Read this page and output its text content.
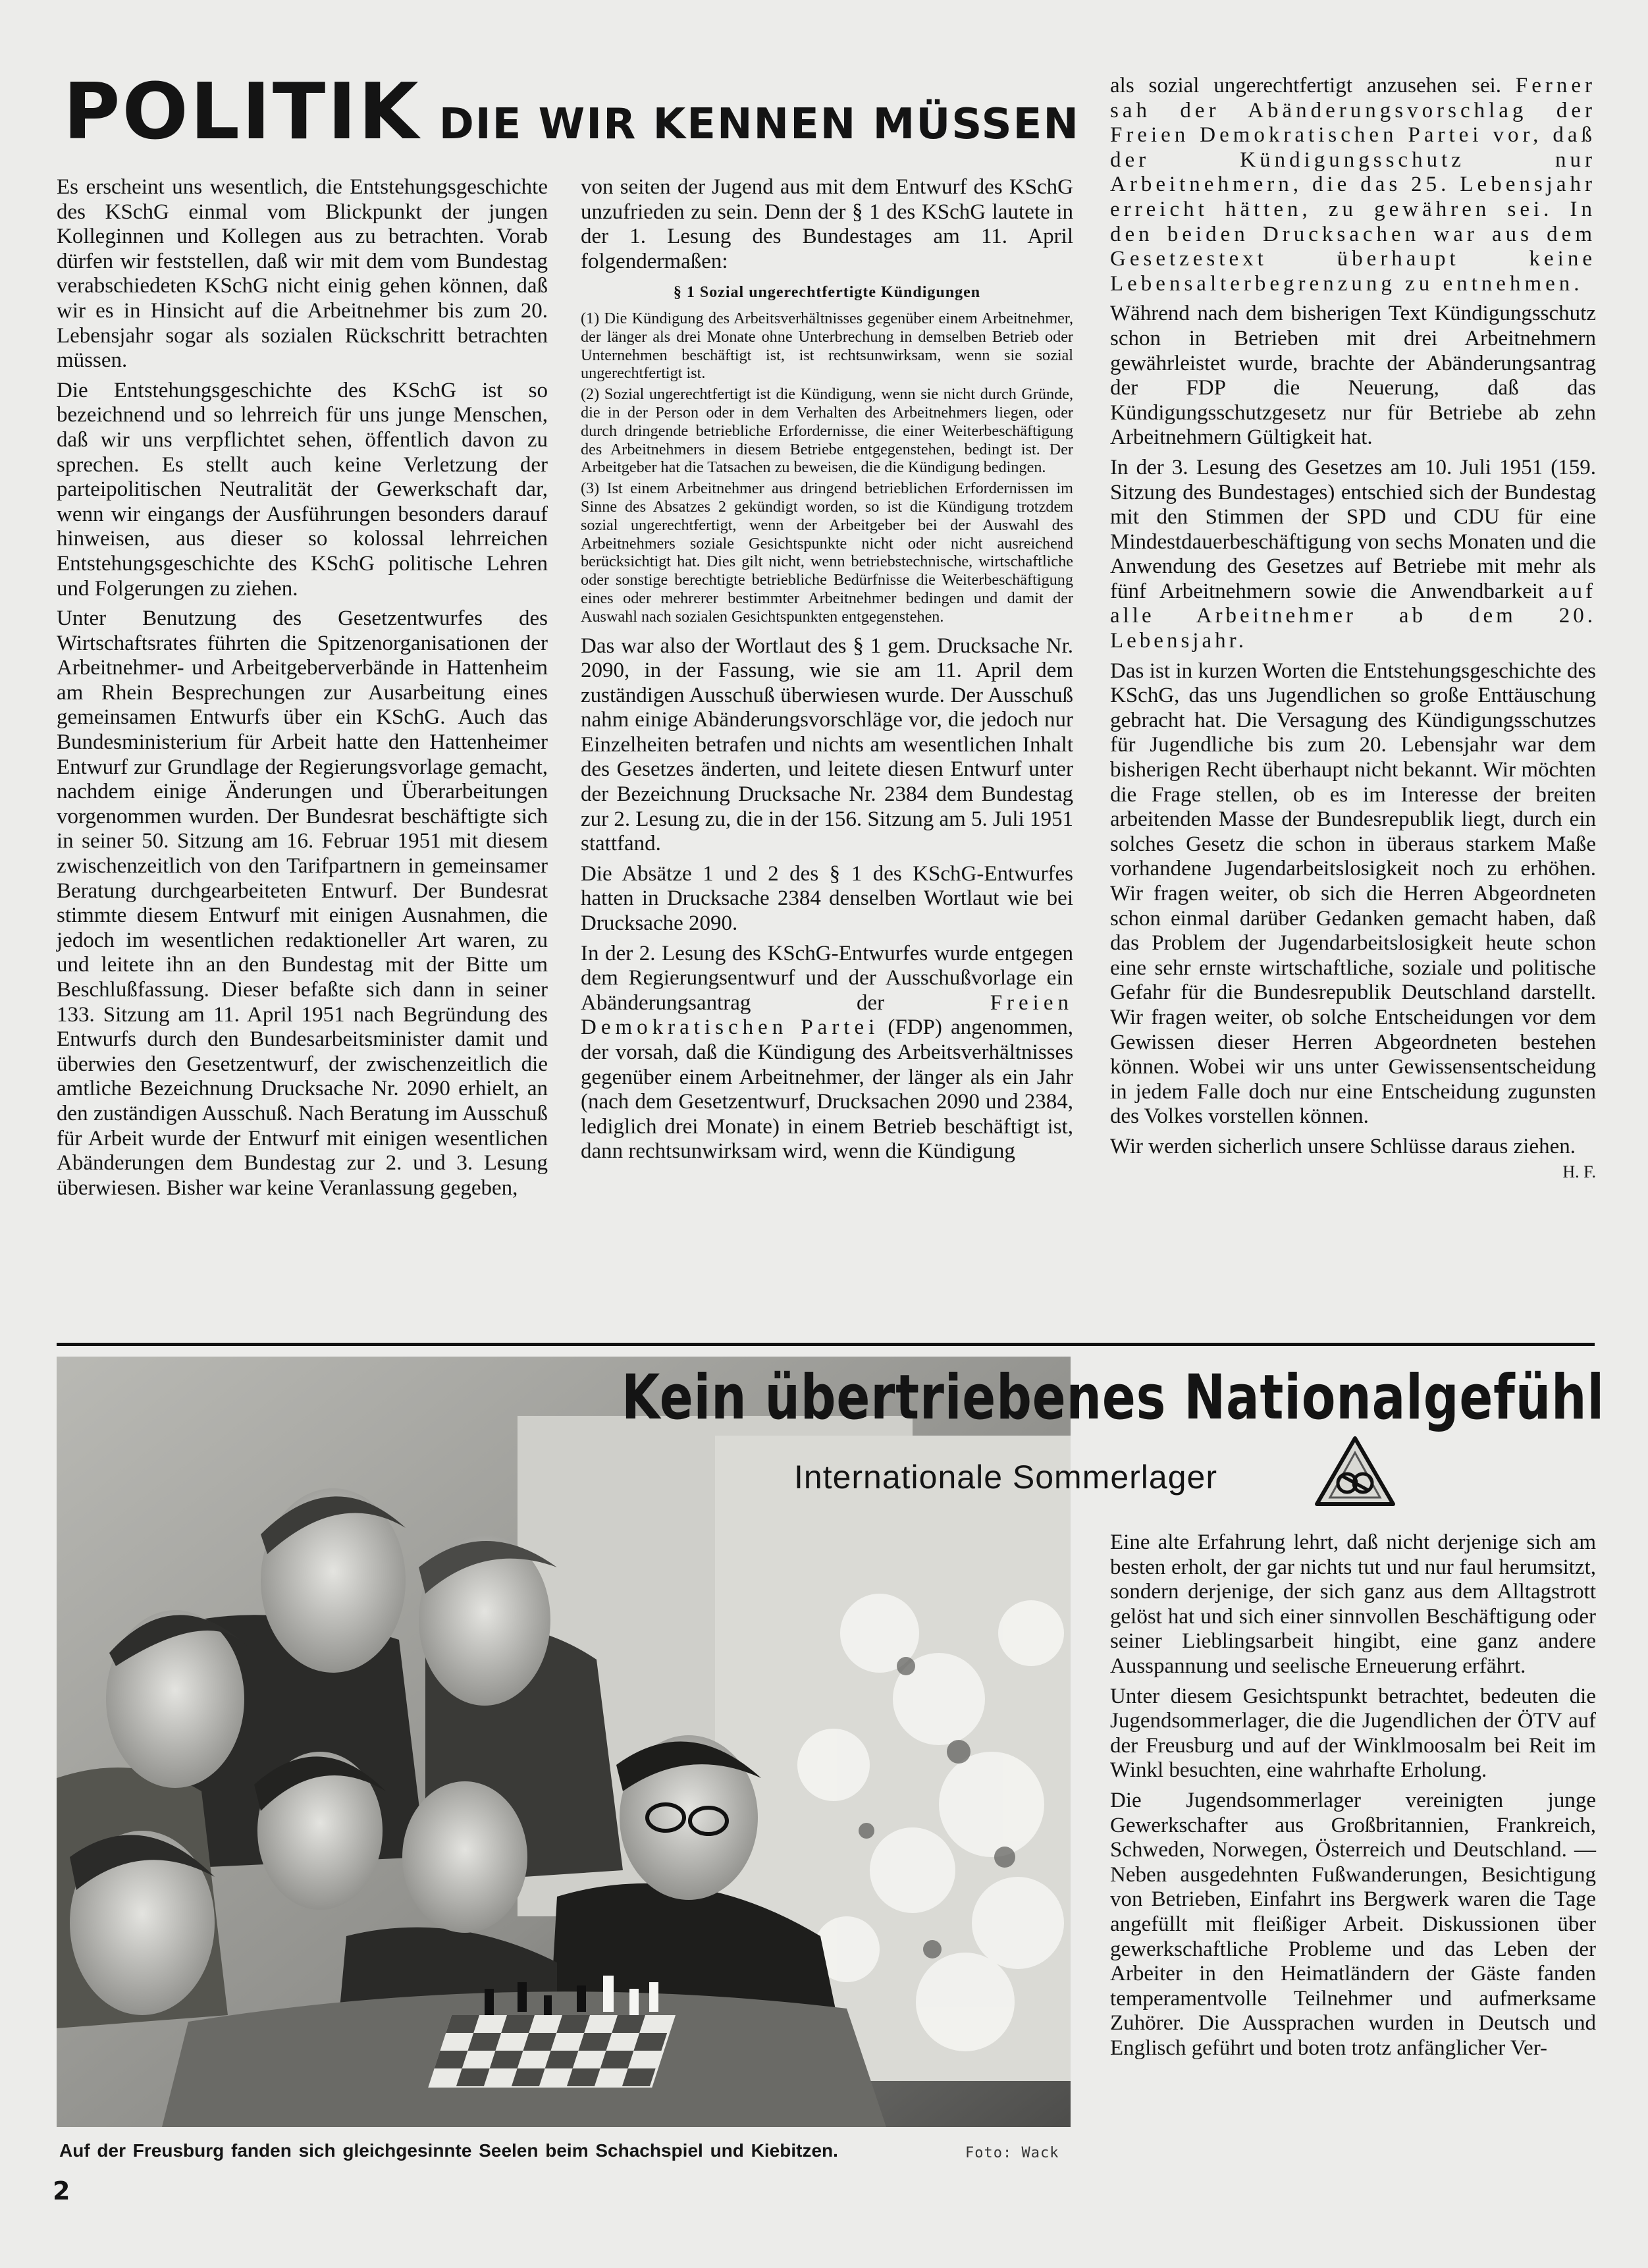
POLITIK DIE WIR KENNEN MÜSSEN

Es erscheint uns wesentlich, die Entstehungsgeschichte des KSchG einmal vom Blickpunkt der jungen Kolleginnen und Kollegen aus zu betrachten. Vorab dürfen wir feststellen, daß wir mit dem vom Bundestag verabschiedeten KSchG nicht einig gehen können, daß wir es in Hinsicht auf die Arbeitnehmer bis zum 20. Lebensjahr sogar als sozialen Rückschritt betrachten müssen.

Die Entstehungsgeschichte des KSchG ist so bezeichnend und so lehrreich für uns junge Menschen, daß wir uns verpflichtet sehen, öffentlich davon zu sprechen. Es stellt auch keine Verletzung der parteipolitischen Neutralität der Gewerkschaft dar, wenn wir eingangs der Ausführungen besonders darauf hinweisen, aus dieser so kolossal lehrreichen Entstehungsgeschichte des KSchG politische Lehren und Folgerungen zu ziehen.

Unter Benutzung des Gesetzentwurfes des Wirtschaftsrates führten die Spitzenorganisationen der Arbeitnehmer- und Arbeitgeberverbände in Hattenheim am Rhein Besprechungen zur Ausarbeitung eines gemeinsamen Entwurfs über ein KSchG. Auch das Bundesministerium für Arbeit hatte den Hattenheimer Entwurf zur Grundlage der Regierungsvorlage gemacht, nachdem einige Änderungen und Überarbeitungen vorgenommen wurden. Der Bundesrat beschäftigte sich in seiner 50. Sitzung am 16. Februar 1951 mit diesem zwischenzeitlich von den Tarifpartnern in gemeinsamer Beratung durchgearbeiteten Entwurf. Der Bundesrat stimmte diesem Entwurf mit einigen Ausnahmen, die jedoch im wesentlichen redaktioneller Art waren, zu und leitete ihn an den Bundestag mit der Bitte um Beschlußfassung. Dieser befaßte sich dann in seiner 133. Sitzung am 11. April 1951 nach Begründung des Entwurfs durch den Bundesarbeitsminister damit und überwies den Gesetzentwurf, der zwischenzeitlich die amtliche Bezeichnung Drucksache Nr. 2090 erhielt, an den zuständigen Ausschuß. Nach Beratung im Ausschuß für Arbeit wurde der Entwurf mit einigen wesentlichen Abänderungen dem Bundestag zur 2. und 3. Lesung überwiesen. Bisher war keine Veranlassung gegeben,

von seiten der Jugend aus mit dem Entwurf des KSchG unzufrieden zu sein. Denn der § 1 des KSchG lautete in der 1. Lesung des Bundestages am 11. April folgendermaßen:

§ 1 Sozial ungerechtfertigte Kündigungen
(1) Die Kündigung des Arbeitsverhältnisses gegenüber einem Arbeitnehmer, der länger als drei Monate ohne Unterbrechung in demselben Betrieb oder Unternehmen beschäftigt ist, ist rechtsunwirksam, wenn sie sozial ungerechtfertigt ist.
(2) Sozial ungerechtfertigt ist die Kündigung, wenn sie nicht durch Gründe, die in der Person oder in dem Verhalten des Arbeitnehmers liegen, oder durch dringende betriebliche Erfordernisse, die einer Weiterbeschäftigung des Arbeitnehmers in diesem Betriebe entgegenstehen, bedingt ist. Der Arbeitgeber hat die Tatsachen zu beweisen, die die Kündigung bedingen.
(3) Ist einem Arbeitnehmer aus dringend betrieblichen Erfordernissen im Sinne des Absatzes 2 gekündigt worden, so ist die Kündigung trotzdem sozial ungerechtfertigt, wenn der Arbeitgeber bei der Auswahl des Arbeitnehmers soziale Gesichtspunkte nicht oder nicht ausreichend berücksichtigt hat. Dies gilt nicht, wenn betriebstechnische, wirtschaftliche oder sonstige berechtigte betriebliche Bedürfnisse die Weiterbeschäftigung eines oder mehrerer bestimmter Arbeitnehmer bedingen und damit der Auswahl nach sozialen Gesichtspunkten entgegenstehen.

Das war also der Wortlaut des § 1 gem. Drucksache Nr. 2090, in der Fassung, wie sie am 11. April dem zuständigen Ausschuß überwiesen wurde. Der Ausschuß nahm einige Abänderungsvorschläge vor, die jedoch nur Einzelheiten betrafen und nichts am wesentlichen Inhalt des Gesetzes änderten, und leitete diesen Entwurf unter der Bezeichnung Drucksache Nr. 2384 dem Bundestag zur 2. Lesung zu, die in der 156. Sitzung am 5. Juli 1951 stattfand.

Die Absätze 1 und 2 des § 1 des KSchG-Entwurfes hatten in Drucksache 2384 denselben Wortlaut wie bei Drucksache 2090.

In der 2. Lesung des KSchG-Entwurfes wurde entgegen dem Regierungsentwurf und der Ausschußvorlage ein Abänderungsantrag der Freien Demokratischen Partei (FDP) angenommen, der vorsah, daß die Kündigung des Arbeitsverhältnisses gegenüber einem Arbeitnehmer, der länger als ein Jahr (nach dem Gesetzentwurf, Drucksachen 2090 und 2384, lediglich drei Monate) in einem Betrieb beschäftigt ist, dann rechtsunwirksam wird, wenn die Kündigung

als sozial ungerechtfertigt anzusehen sei. Ferner sah der Abänderungsvorschlag der Freien Demokratischen Partei vor, daß der Kündigungsschutz nur Arbeitnehmern, die das 25. Lebensjahr erreicht hätten, zu gewähren sei. In den beiden Drucksachen war aus dem Gesetzestext überhaupt keine Lebensalterbegrenzung zu entnehmen.

Während nach dem bisherigen Text Kündigungsschutz schon in Betrieben mit drei Arbeitnehmern gewährleistet wurde, brachte der Abänderungsantrag der FDP die Neuerung, daß das Kündigungsschutzgesetz nur für Betriebe ab zehn Arbeitnehmern Gültigkeit hat.

In der 3. Lesung des Gesetzes am 10. Juli 1951 (159. Sitzung des Bundestages) entschied sich der Bundestag mit den Stimmen der SPD und CDU für eine Mindestdauerbeschäftigung von sechs Monaten und die Anwendung des Gesetzes auf Betriebe mit mehr als fünf Arbeitnehmern sowie die Anwendbarkeit auf alle Arbeitnehmer ab dem 20. Lebensjahr.

Das ist in kurzen Worten die Entstehungsgeschichte des KSchG, das uns Jugendlichen so große Enttäuschung gebracht hat. Die Versagung des Kündigungsschutzes für Jugendliche bis zum 20. Lebensjahr war dem bisherigen Recht überhaupt nicht bekannt. Wir möchten die Frage stellen, ob es im Interesse der breiten arbeitenden Masse der Bundesrepublik liegt, durch ein solches Gesetz die schon in überaus starkem Maße vorhandene Jugendarbeitslosigkeit noch zu erhöhen. Wir fragen weiter, ob sich die Herren Abgeordneten schon einmal darüber Gedanken gemacht haben, daß das Problem der Jugendarbeitslosigkeit heute schon eine sehr ernste wirtschaftliche, soziale und politische Gefahr für die Bundesrepublik Deutschland darstellt. Wir fragen weiter, ob solche Entscheidungen vor dem Gewissen dieser Herren Abgeordneten bestehen können. Wobei wir uns unter Gewissensentscheidung in jedem Falle doch nur eine Entscheidung zugunsten des Volkes vorstellen können.

Wir werden sicherlich unsere Schlüsse daraus ziehen.

H. F.
Kein übertriebenes Nationalgefühl
Internationale Sommerlager
Auf der Freusburg fanden sich gleichgesinnte Seelen beim Schachspiel und Kiebitzen.	Foto: Wack

Eine alte Erfahrung lehrt, daß nicht derjenige sich am besten erholt, der gar nichts tut und nur faul herumsitzt, sondern derjenige, der sich ganz aus dem Alltagstrott gelöst hat und sich einer sinnvollen Beschäftigung oder seiner Lieblingsarbeit hingibt, eine ganz andere Ausspannung und seelische Erneuerung erfährt.

Unter diesem Gesichtspunkt betrachtet, bedeuten die Jugendsommerlager, die die Jugendlichen der ÖTV auf der Freusburg und auf der Winklmoosalm bei Reit im Winkl besuchten, eine wahrhafte Erholung.

Die Jugendsommerlager vereinigten junge Gewerkschafter aus Großbritannien, Frankreich, Schweden, Norwegen, Österreich und Deutschland. — Neben ausgedehnten Fußwanderungen, Besichtigung von Betrieben, Einfahrt ins Bergwerk waren die Tage angefüllt mit fleißiger Arbeit. Diskussionen über gewerkschaftliche Probleme und das Leben der Arbeiter in den Heimatländern der Gäste fanden temperamentvolle Teilnehmer und aufmerksame Zuhörer. Die Aussprachen wurden in Deutsch und Englisch geführt und boten trotz anfänglicher Ver-

2
